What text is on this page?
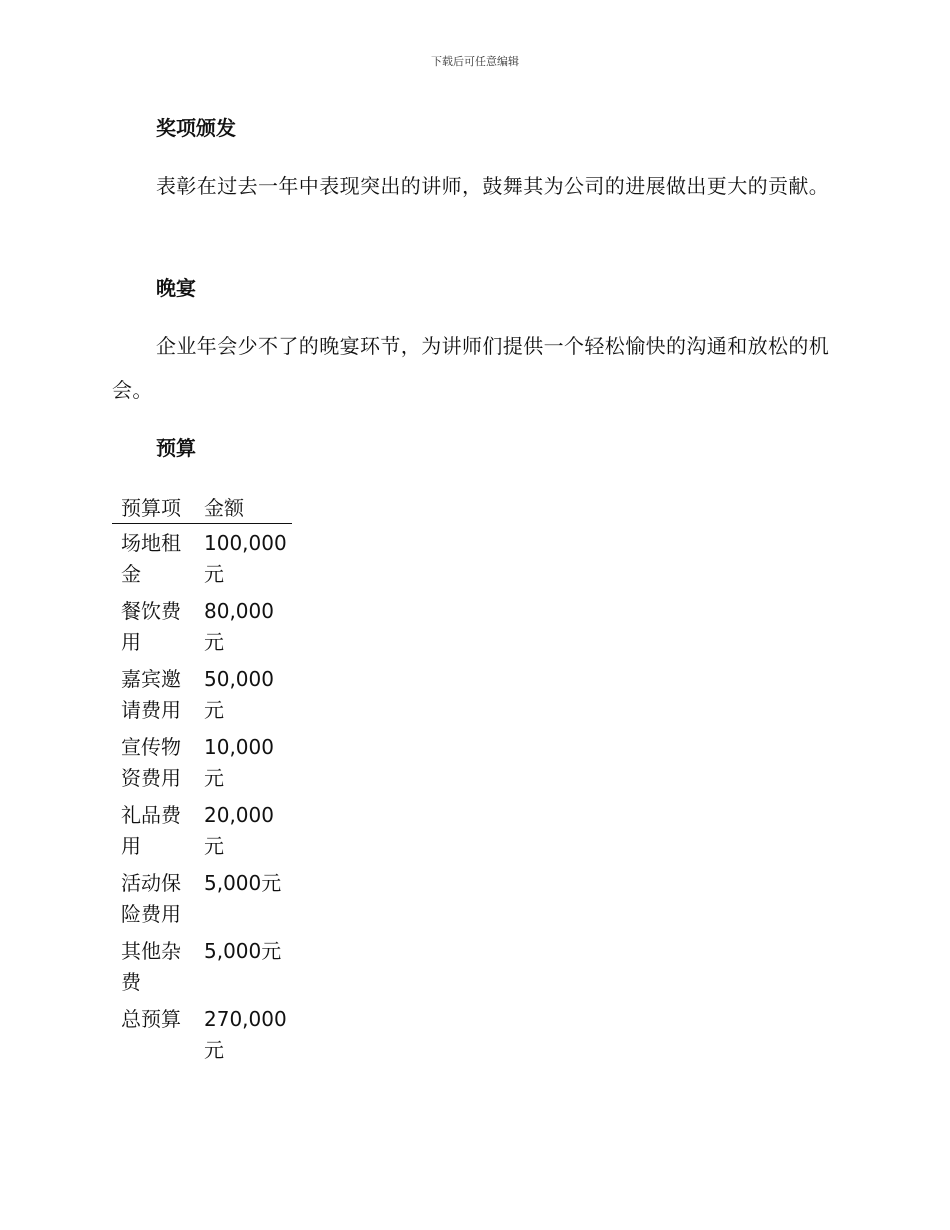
下载后可任意编辑
奖项颁发
表彰在过去一年中表现突出的讲师，鼓舞其为公司的进展做出更大的贡献。
晚宴
企业年会少不了的晚宴环节，为讲师们提供一个轻松愉快的沟通和放松的机会。
预算
预算项	金额

场地租金	100,000元

餐饮费用	80,000元

嘉宾邀请费用	50,000元

宣传物资费用	10,000元

礼品费用	20,000元

活动保险费用	5,000元

其他杂费	5,000元

总预算	270,000元
